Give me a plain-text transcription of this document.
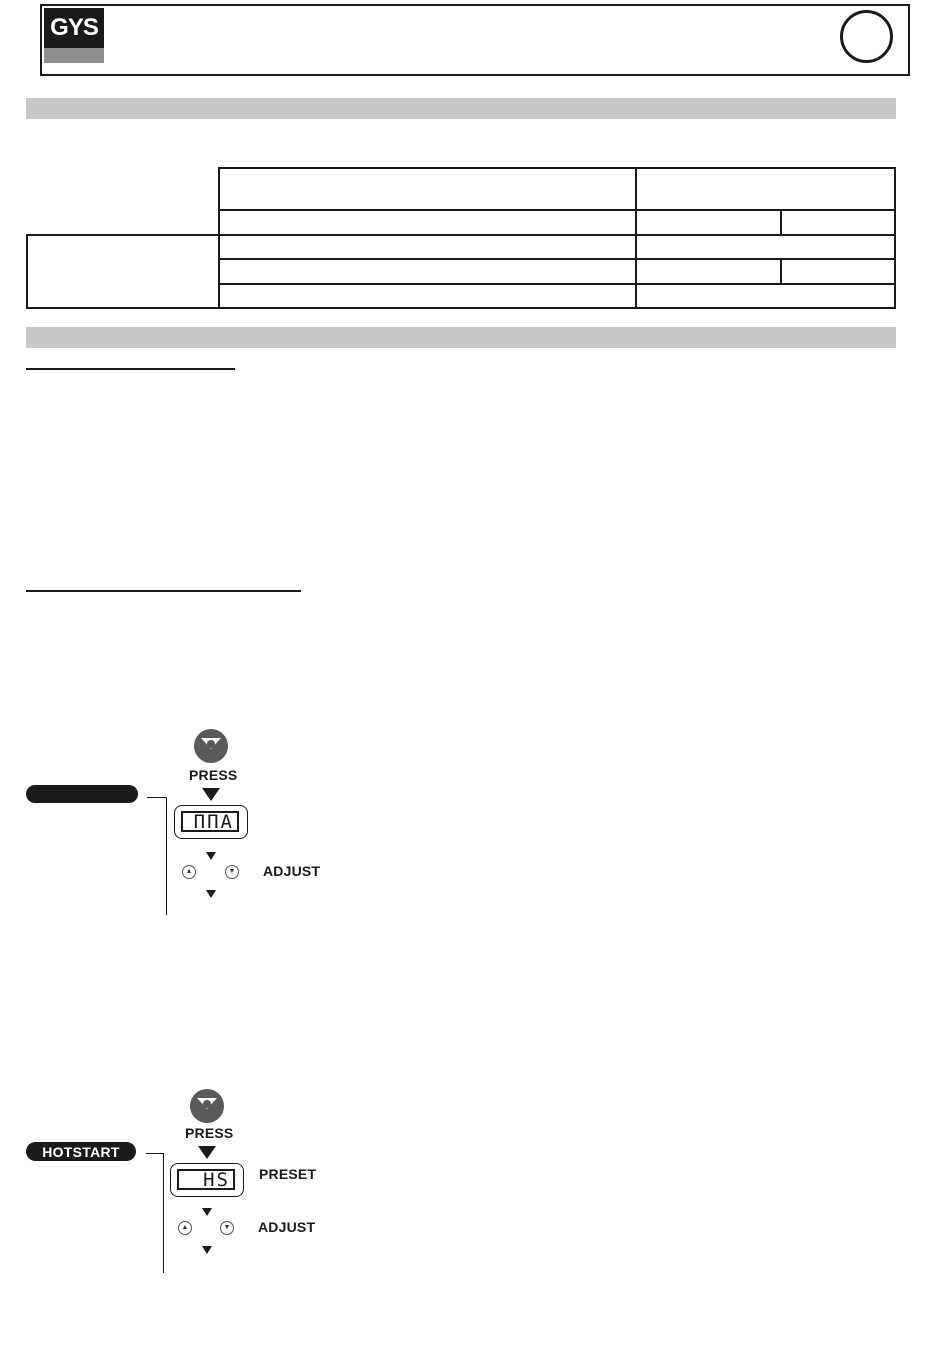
GYS
PRESS
ΠΠA
▲	▼ ADJUST
HOTSTART
PRESS
HS	PRESET
▲	▼ ADJUST
